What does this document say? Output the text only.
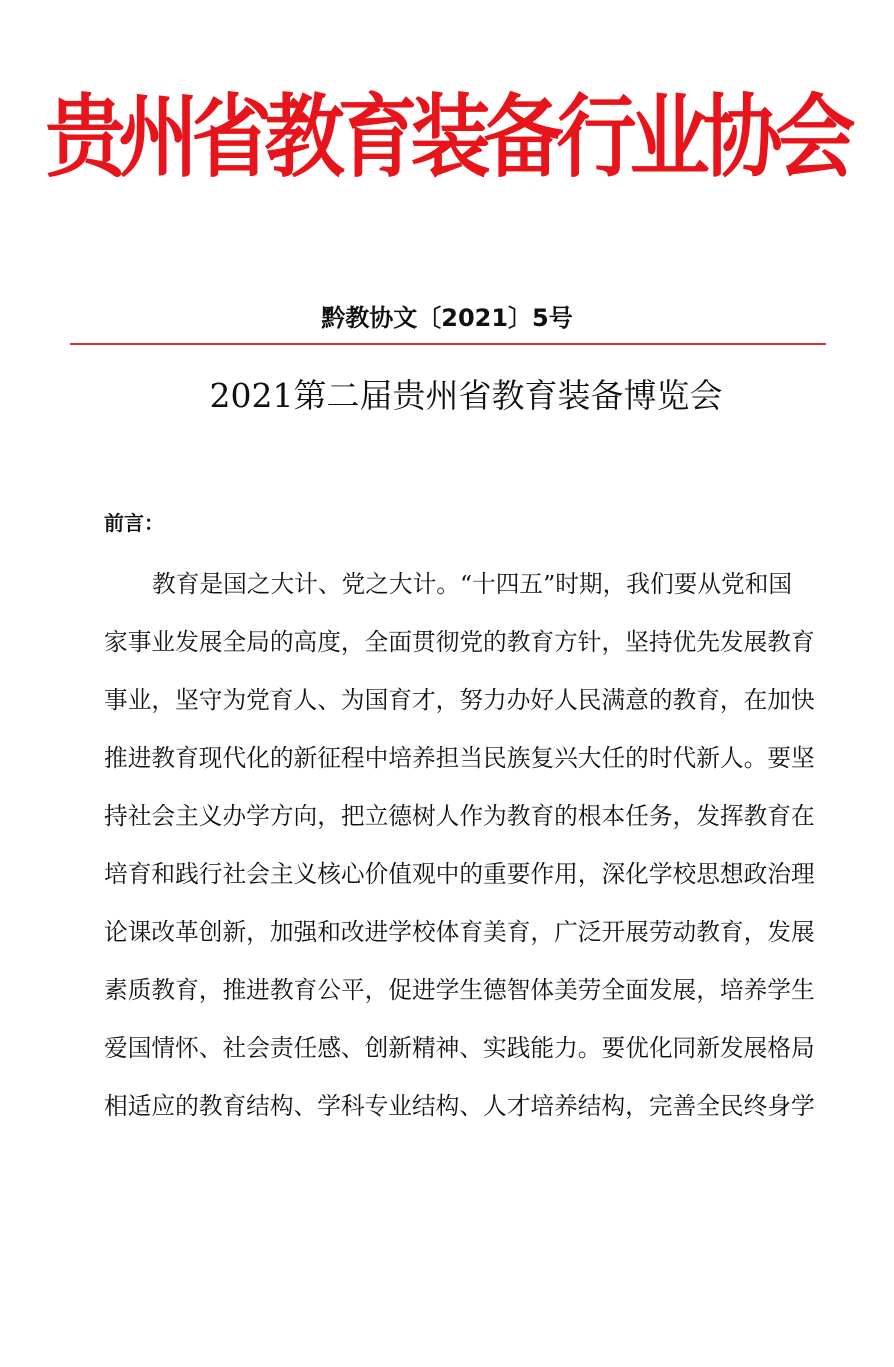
贵州省教育装备行业协会
黔教协文〔2021〕5号
2021第二届贵州省教育装备博览会
前言：
教育是国之大计、党之大计。“十四五”时期，我们要从党和国
家事业发展全局的高度，全面贯彻党的教育方针，坚持优先发展教育
事业，坚守为党育人、为国育才，努力办好人民满意的教育，在加快
推进教育现代化的新征程中培养担当民族复兴大任的时代新人。要坚
持社会主义办学方向，把立德树人作为教育的根本任务，发挥教育在
培育和践行社会主义核心价值观中的重要作用，深化学校思想政治理
论课改革创新，加强和改进学校体育美育，广泛开展劳动教育，发展
素质教育，推进教育公平，促进学生德智体美劳全面发展，培养学生
爱国情怀、社会责任感、创新精神、实践能力。要优化同新发展格局
相适应的教育结构、学科专业结构、人才培养结构，完善全民终身学
